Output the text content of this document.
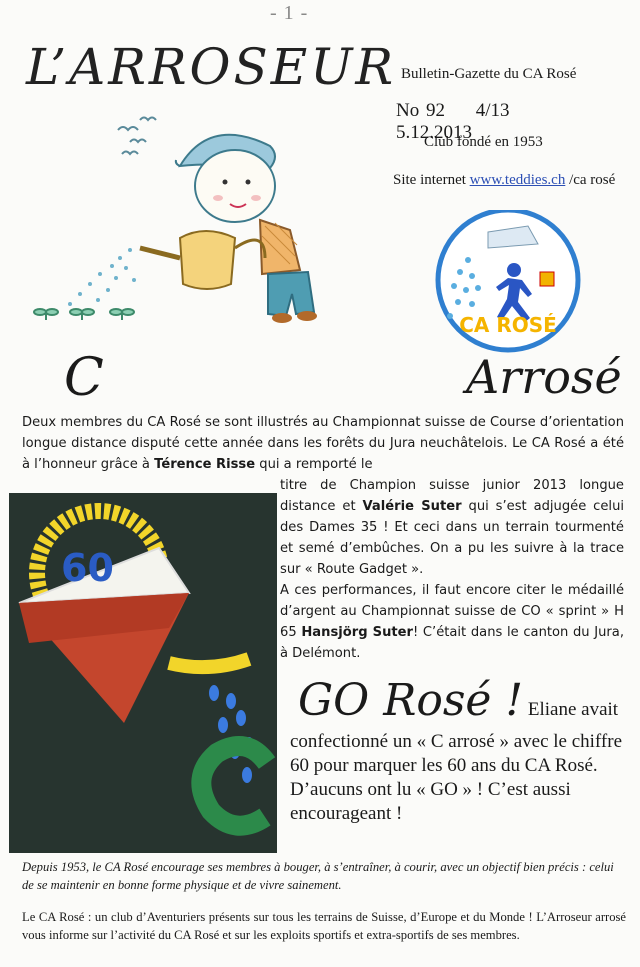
- 1 -
L’ARROSEUR Bulletin-Gazette du CA Rosé
No 92 4/13 5.12.2013
Club fondé en 1953
Site internet www.teddies.ch /ca rosé
CA ROSÉ
C	Arrosé
Deux membres du CA Rosé se sont illustrés au Championnat suisse de Course d’orientation longue distance disputé cette année dans les forêts du Jura neuchâtelois. Le CA Rosé a été à l’honneur grâce à Térence Risse qui a remporté le
titre de Champion suisse junior 2013 longue distance et Valérie Suter qui s’est adjugée celui des Dames 35 ! Et ceci dans un terrain tourmenté et semé d’embûches. On a pu les suivre à la trace sur « Route Gadget ».
A ces performances, il faut encore citer le médaillé d’argent au Championnat suisse de CO « sprint » H 65 Hansjörg Suter! C’était dans le canton du Jura, à Delémont.
60
GO Rosé ! Eliane avait
confectionné un « C arrosé » avec le chiffre 60 pour marquer les 60 ans du CA Rosé. D’aucuns ont lu « GO » ! C’est aussi encourageant !
Depuis 1953, le CA Rosé encourage ses membres à bouger, à s’entraîner, à courir, avec un objectif bien précis : celui de se maintenir en bonne forme physique et de vivre sainement.
Le CA Rosé : un club d’Aventuriers présents sur tous les terrains de Suisse, d’Europe et du Monde ! L’Arroseur arrosé vous informe sur l’activité du CA Rosé et sur les exploits sportifs et extra-sportifs de ses membres.
